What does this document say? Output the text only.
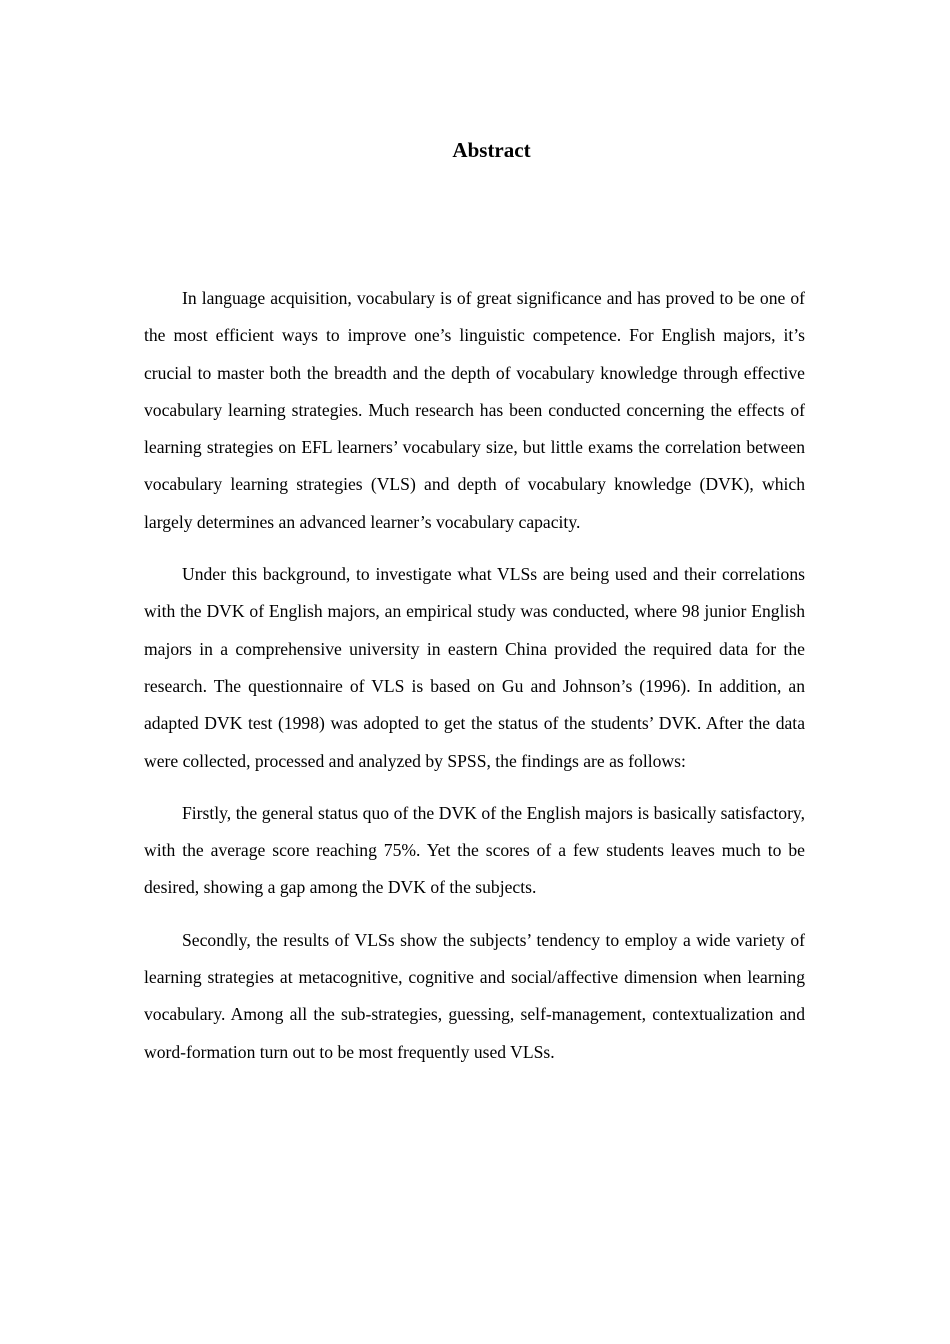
Abstract

In language acquisition, vocabulary is of great significance and has proved to be one of the most efficient ways to improve one’s linguistic competence. For English majors, it’s crucial to master both the breadth and the depth of vocabulary knowledge through effective vocabulary learning strategies. Much research has been conducted concerning the effects of learning strategies on EFL learners’ vocabulary size, but little exams the correlation between vocabulary learning strategies (VLS) and depth of vocabulary knowledge (DVK), which largely determines an advanced learner’s vocabulary capacity.

Under this background, to investigate what VLSs are being used and their correlations with the DVK of English majors, an empirical study was conducted, where 98 junior English majors in a comprehensive university in eastern China provided the required data for the research. The questionnaire of VLS is based on Gu and Johnson’s (1996). In addition, an adapted DVK test (1998) was adopted to get the status of the students’ DVK. After the data were collected, processed and analyzed by SPSS, the findings are as follows:

Firstly, the general status quo of the DVK of the English majors is basically satisfactory, with the average score reaching 75%. Yet the scores of a few students leaves much to be desired, showing a gap among the DVK of the subjects.

Secondly, the results of VLSs show the subjects’ tendency to employ a wide variety of learning strategies at metacognitive, cognitive and social/affective dimension when learning vocabulary. Among all the sub-strategies, guessing, self-management, contextualization and word-formation turn out to be most frequently used VLSs.
